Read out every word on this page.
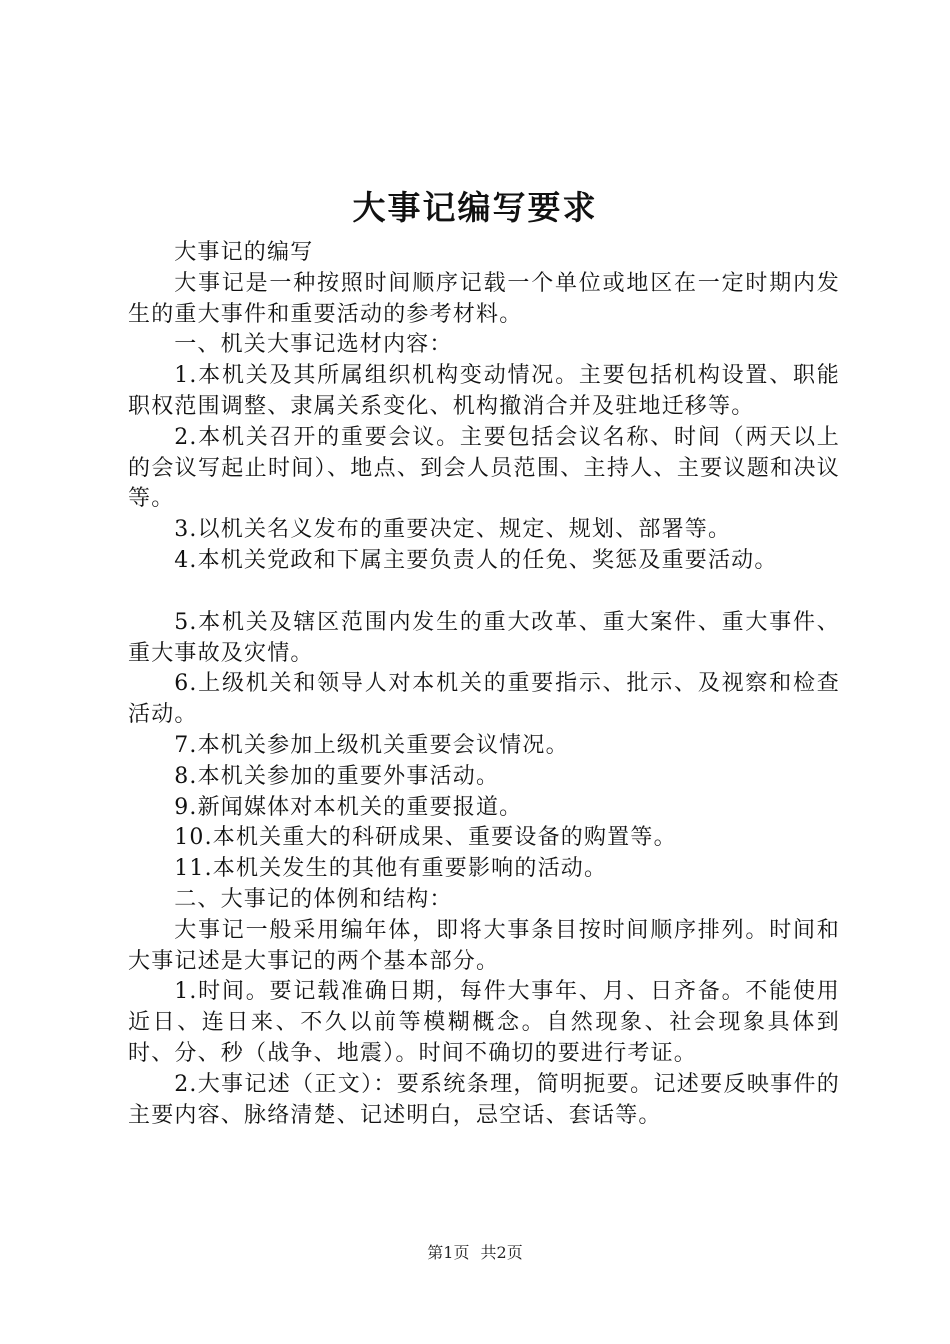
大事记编写要求

大事记的编写

大事记是一种按照时间顺序记载一个单位或地区在一定时期内发生的重大事件和重要活动的参考材料。

一、机关大事记选材内容：

1.本机关及其所属组织机构变动情况。主要包括机构设置、职能职权范围调整、隶属关系变化、机构撤消合并及驻地迁移等。

2.本机关召开的重要会议。主要包括会议名称、时间（两天以上的会议写起止时间）、地点、到会人员范围、主持人、主要议题和决议等。

3.以机关名义发布的重要决定、规定、规划、部署等。

4.本机关党政和下属主要负责人的任免、奖惩及重要活动。

5.本机关及辖区范围内发生的重大改革、重大案件、重大事件、重大事故及灾情。

6.上级机关和领导人对本机关的重要指示、批示、及视察和检查活动。

7.本机关参加上级机关重要会议情况。

8.本机关参加的重要外事活动。

9.新闻媒体对本机关的重要报道。

10.本机关重大的科研成果、重要设备的购置等。

11.本机关发生的其他有重要影响的活动。

二、大事记的体例和结构：

大事记一般采用编年体，即将大事条目按时间顺序排列。时间和大事记述是大事记的两个基本部分。

1.时间。要记载准确日期，每件大事年、月、日齐备。不能使用近日、连日来、不久以前等模糊概念。自然现象、社会现象具体到时、分、秒（战争、地震）。时间不确切的要进行考证。

2.大事记述（正文）：要系统条理，简明扼要。记述要反映事件的主要内容、脉络清楚、记述明白，忌空话、套话等。

第1页 共2页
